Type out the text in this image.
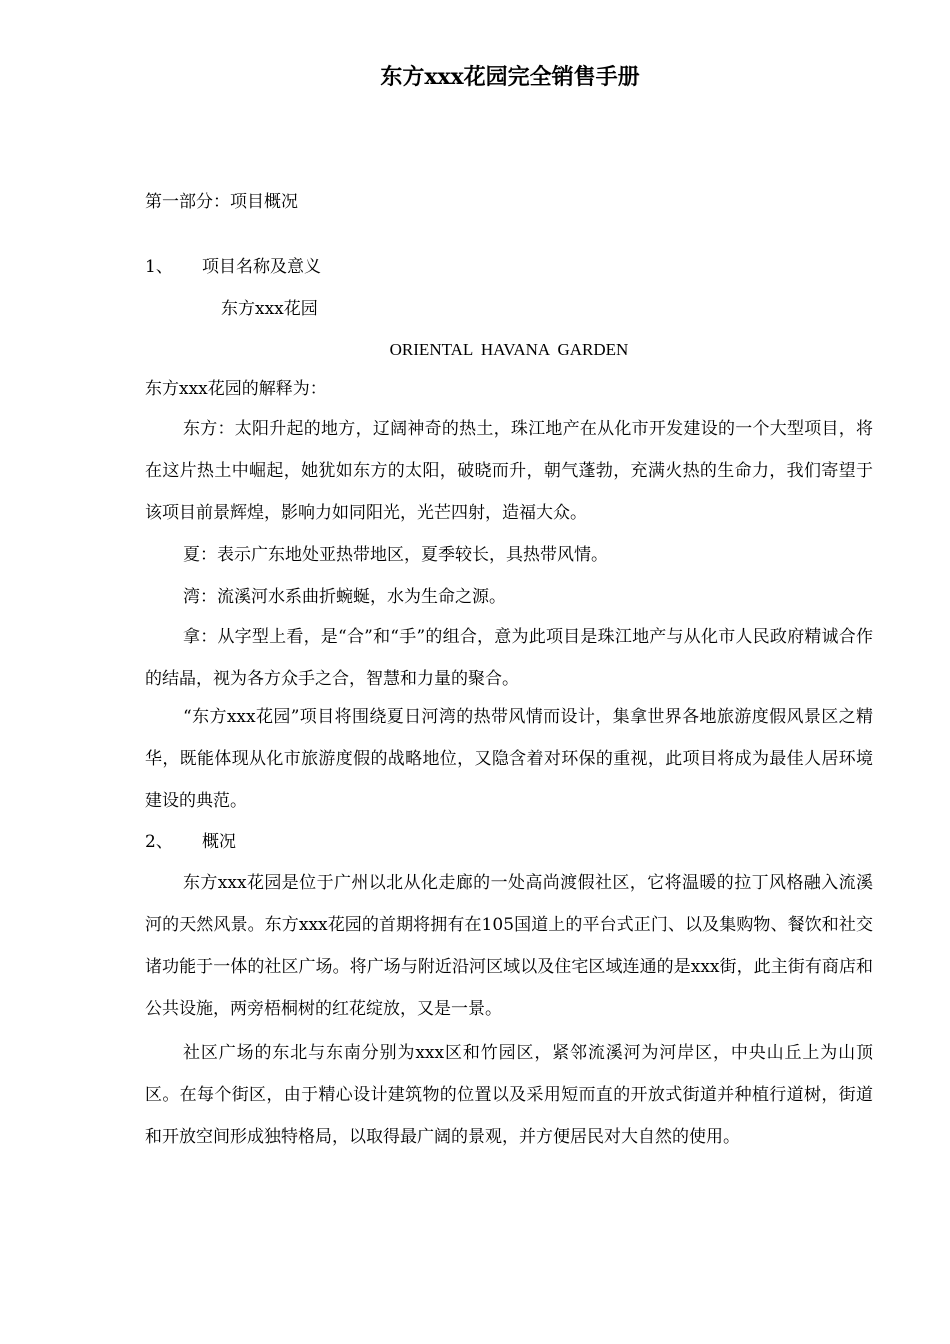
东方xxx花园完全销售手册

第一部分：项目概况

1、 项目名称及意义

东方xxx花园

ORIENTAL HAVANA GARDEN

东方xxx花园的解释为：

东方：太阳升起的地方，辽阔神奇的热土，珠江地产在从化市开发建设的一个大型项目，将在这片热土中崛起，她犹如东方的太阳，破晓而升，朝气蓬勃，充满火热的生命力，我们寄望于该项目前景辉煌，影响力如同阳光，光芒四射，造福大众。

夏：表示广东地处亚热带地区，夏季较长，具热带风情。

湾：流溪河水系曲折蜿蜒，水为生命之源。

拿：从字型上看，是“合”和“手”的组合，意为此项目是珠江地产与从化市人民政府精诚合作的结晶，视为各方众手之合，智慧和力量的聚合。

“东方xxx花园”项目将围绕夏日河湾的热带风情而设计，集拿世界各地旅游度假风景区之精华，既能体现从化市旅游度假的战略地位，又隐含着对环保的重视，此项目将成为最佳人居环境建设的典范。

2、 概况

东方xxx花园是位于广州以北从化走廊的一处高尚渡假社区，它将温暖的拉丁风格融入流溪河的天然风景。东方xxx花园的首期将拥有在105国道上的平台式正门、以及集购物、餐饮和社交诸功能于一体的社区广场。将广场与附近沿河区域以及住宅区域连通的是xxx街，此主街有商店和公共设施，两旁梧桐树的红花绽放，又是一景。

社区广场的东北与东南分别为xxx区和竹园区，紧邻流溪河为河岸区，中央山丘上为山顶区。在每个街区，由于精心设计建筑物的位置以及采用短而直的开放式街道并种植行道树，街道和开放空间形成独特格局，以取得最广阔的景观，并方便居民对大自然的使用。
